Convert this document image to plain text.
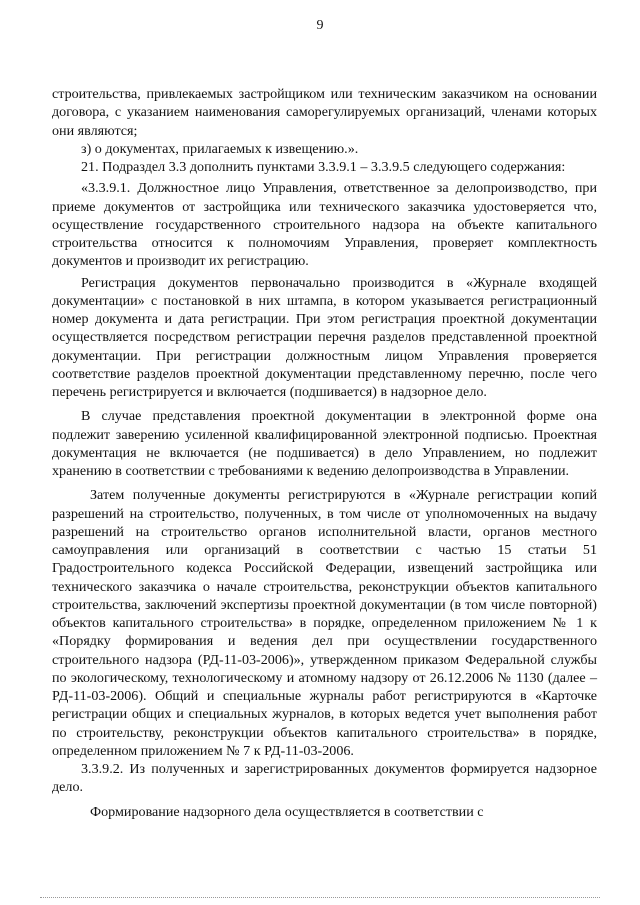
9

строительства, привлекаемых застройщиком или техническим заказчиком на основании договора, с указанием наименования саморегулируемых организаций, членами которых они являются;

з) о документах, прилагаемых к извещению.».

21. Подраздел 3.3 дополнить пунктами 3.3.9.1 – 3.3.9.5 следующего содержания:

«3.3.9.1. Должностное лицо Управления, ответственное за делопроизводство, при приеме документов от застройщика или технического заказчика удостоверяется что, осуществление государственного строительного надзора на объекте капитального строительства относится к полномочиям Управления, проверяет комплектность документов и производит их регистрацию.

Регистрация документов первоначально производится в «Журнале входящей документации» с постановкой в них штампа, в котором указывается регистрационный номер документа и дата регистрации. При этом регистрация проектной документации осуществляется посредством регистрации перечня разделов представленной проектной документации. При регистрации должностным лицом Управления проверяется соответствие разделов проектной документации представленному перечню, после чего перечень регистрируется и включается (подшивается) в надзорное дело.

В случае представления проектной документации в электронной форме она подлежит заверению усиленной квалифицированной электронной подписью. Проектная документация не включается (не подшивается) в дело Управлением, но подлежит хранению в соответствии с требованиями к ведению делопроизводства в Управлении.

Затем полученные документы регистрируются в «Журнале регистрации копий разрешений на строительство, полученных, в том числе от уполномоченных на выдачу разрешений на строительство органов исполнительной власти, органов местного самоуправления или организаций в соответствии с частью 15 статьи 51 Градостроительного кодекса Российской Федерации, извещений застройщика или технического заказчика о начале строительства, реконструкции объектов капитального строительства, заключений экспертизы проектной документации (в том числе повторной) объектов капитального строительства» в порядке, определенном приложением № 1 к «Порядку формирования и ведения дел при осуществлении государственного строительного надзора (РД-11-03-2006)», утвержденном приказом Федеральной службы по экологическому, технологическому и атомному надзору от 26.12.2006 № 1130 (далее – РД-11-03-2006). Общий и специальные журналы работ регистрируются в «Карточке регистрации общих и специальных журналов, в которых ведется учет выполнения работ по строительству, реконструкции объектов капитального строительства» в порядке, определенном приложением № 7 к РД-11-03-2006.

3.3.9.2. Из полученных и зарегистрированных документов формируется надзорное дело.

Формирование надзорного дела осуществляется в соответствии с
